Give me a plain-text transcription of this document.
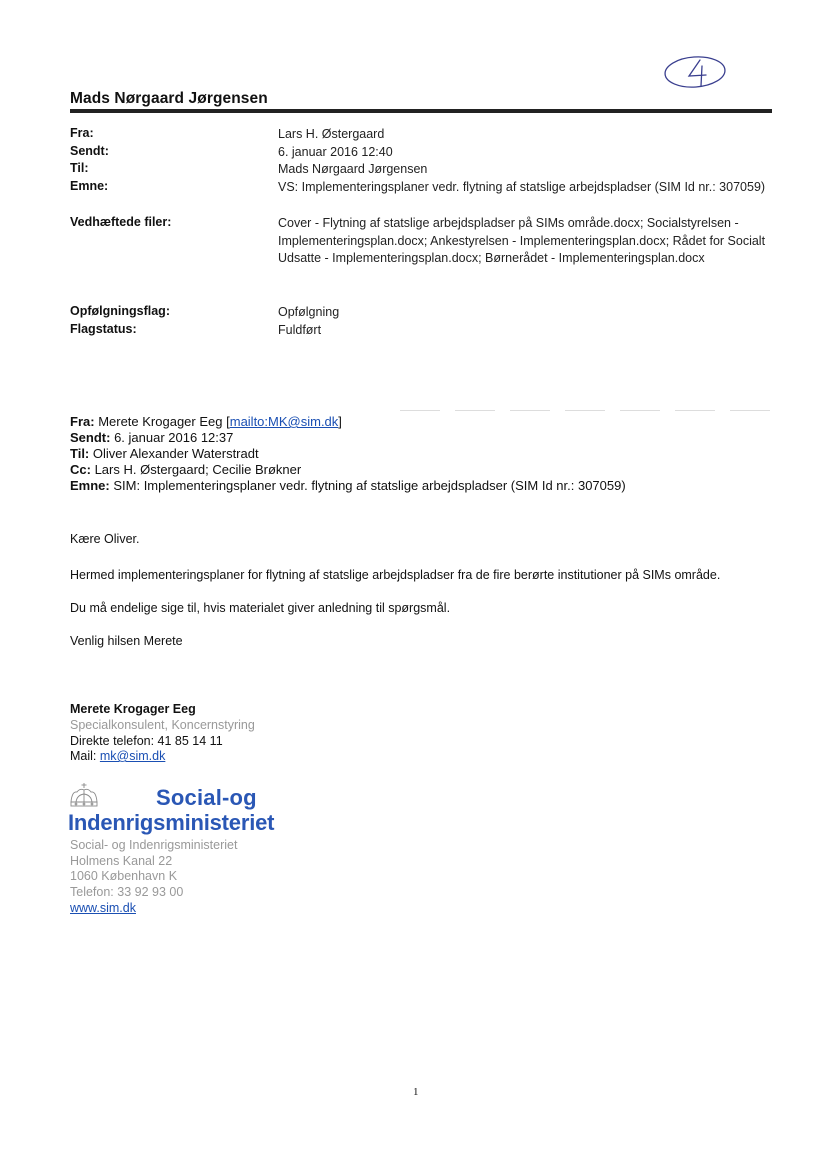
Mads Nørgaard Jørgensen
Fra:	Lars H. Østergaard
Sendt:	6. januar 2016 12:40
Til:	Mads Nørgaard Jørgensen
Emne:	VS: Implementeringsplaner vedr. flytning af statslige arbejdspladser (SIM Id nr.: 307059)
Vedhæftede filer:	Cover - Flytning af statslige arbejdspladser på SIMs område.docx; Socialstyrelsen - Implementeringsplan.docx; Ankestyrelsen - Implementeringsplan.docx; Rådet for Socialt Udsatte - Implementeringsplan.docx; Børnerådet - Implementeringsplan.docx
Opfølgningsflag:	Opfølgning
Flagstatus:	Fuldført
Fra: Merete Krogager Eeg [mailto:MK@sim.dk]
Sendt: 6. januar 2016 12:37
Til: Oliver Alexander Waterstradt
Cc: Lars H. Østergaard; Cecilie Brøkner
Emne: SIM: Implementeringsplaner vedr. flytning af statslige arbejdspladser (SIM Id nr.: 307059)
Kære Oliver.
Hermed implementeringsplaner for flytning af statslige arbejdspladser fra de fire berørte institutioner på SIMs område.
Du må endelige sige til, hvis materialet giver anledning til spørgsmål.
Venlig hilsen Merete
Merete Krogager Eeg
Specialkonsulent, Koncernstyring
Direkte telefon: 41 85 14 11
Mail: mk@sim.dk
Social-og
Indenrigsministeriet
Social- og Indenrigsministeriet
Holmens Kanal 22
1060 København K
Telefon: 33 92 93 00
www.sim.dk
1
